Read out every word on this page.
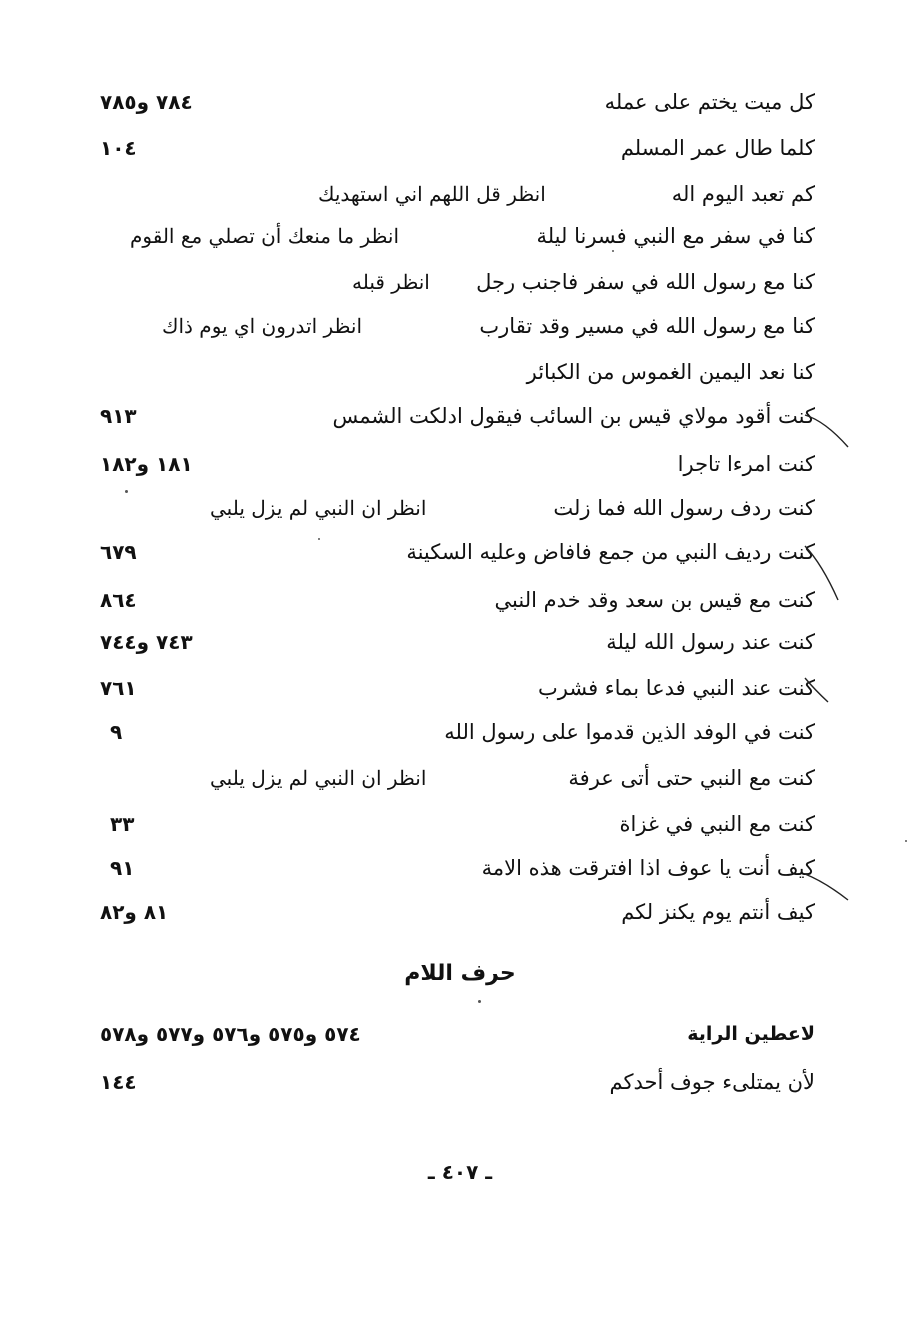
كل ميت يختم على عمله
٧٨٤ و٧٨٥
كلما طال عمر المسلم
١٠٤
كم تعبد اليوم اله
انظر قل اللهم اني استهديك
كنا في سفر مع النبي فسرنا ليلة
انظر ما منعك أن تصلي مع القوم
كنا مع رسول الله في سفر فاجنب رجل
انظر قبله
كنا مع رسول الله في مسير وقد تقارب
انظر اتدرون اي يوم ذاك
كنا نعد اليمين الغموس من الكبائر
كنت أقود مولاي قيس بن السائب فيقول ادلكت الشمس
٩١٣
كنت امرءا تاجرا
١٨١ و١٨٢
كنت ردف رسول الله فما زلت
انظر ان النبي لم يزل يلبي
كنت رديف النبي من جمع فافاض وعليه السكينة
٦٧٩
كنت مع قيس بن سعد وقد خدم النبي
٨٦٤
كنت عند رسول الله ليلة
٧٤٣ و٧٤٤
كنت عند النبي فدعا بماء فشرب
٧٦١
كنت في الوفد الذين قدموا على رسول الله
٩
كنت مع النبي حتى أتى عرفة
انظر ان النبي لم يزل يلبي
كنت مع النبي في غزاة
٣٣
كيف أنت يا عوف اذا افترقت هذه الامة
٩١
كيف أنتم يوم يكنز لكم
٨١ و٨٢
حرف اللام
لاعطين الراية
٥٧٤ و٥٧٥ و٥٧٦ و٥٧٧ و٥٧٨
لأن يمتلىء جوف أحدكم
١٤٤
ـ ٤٠٧ ـ
